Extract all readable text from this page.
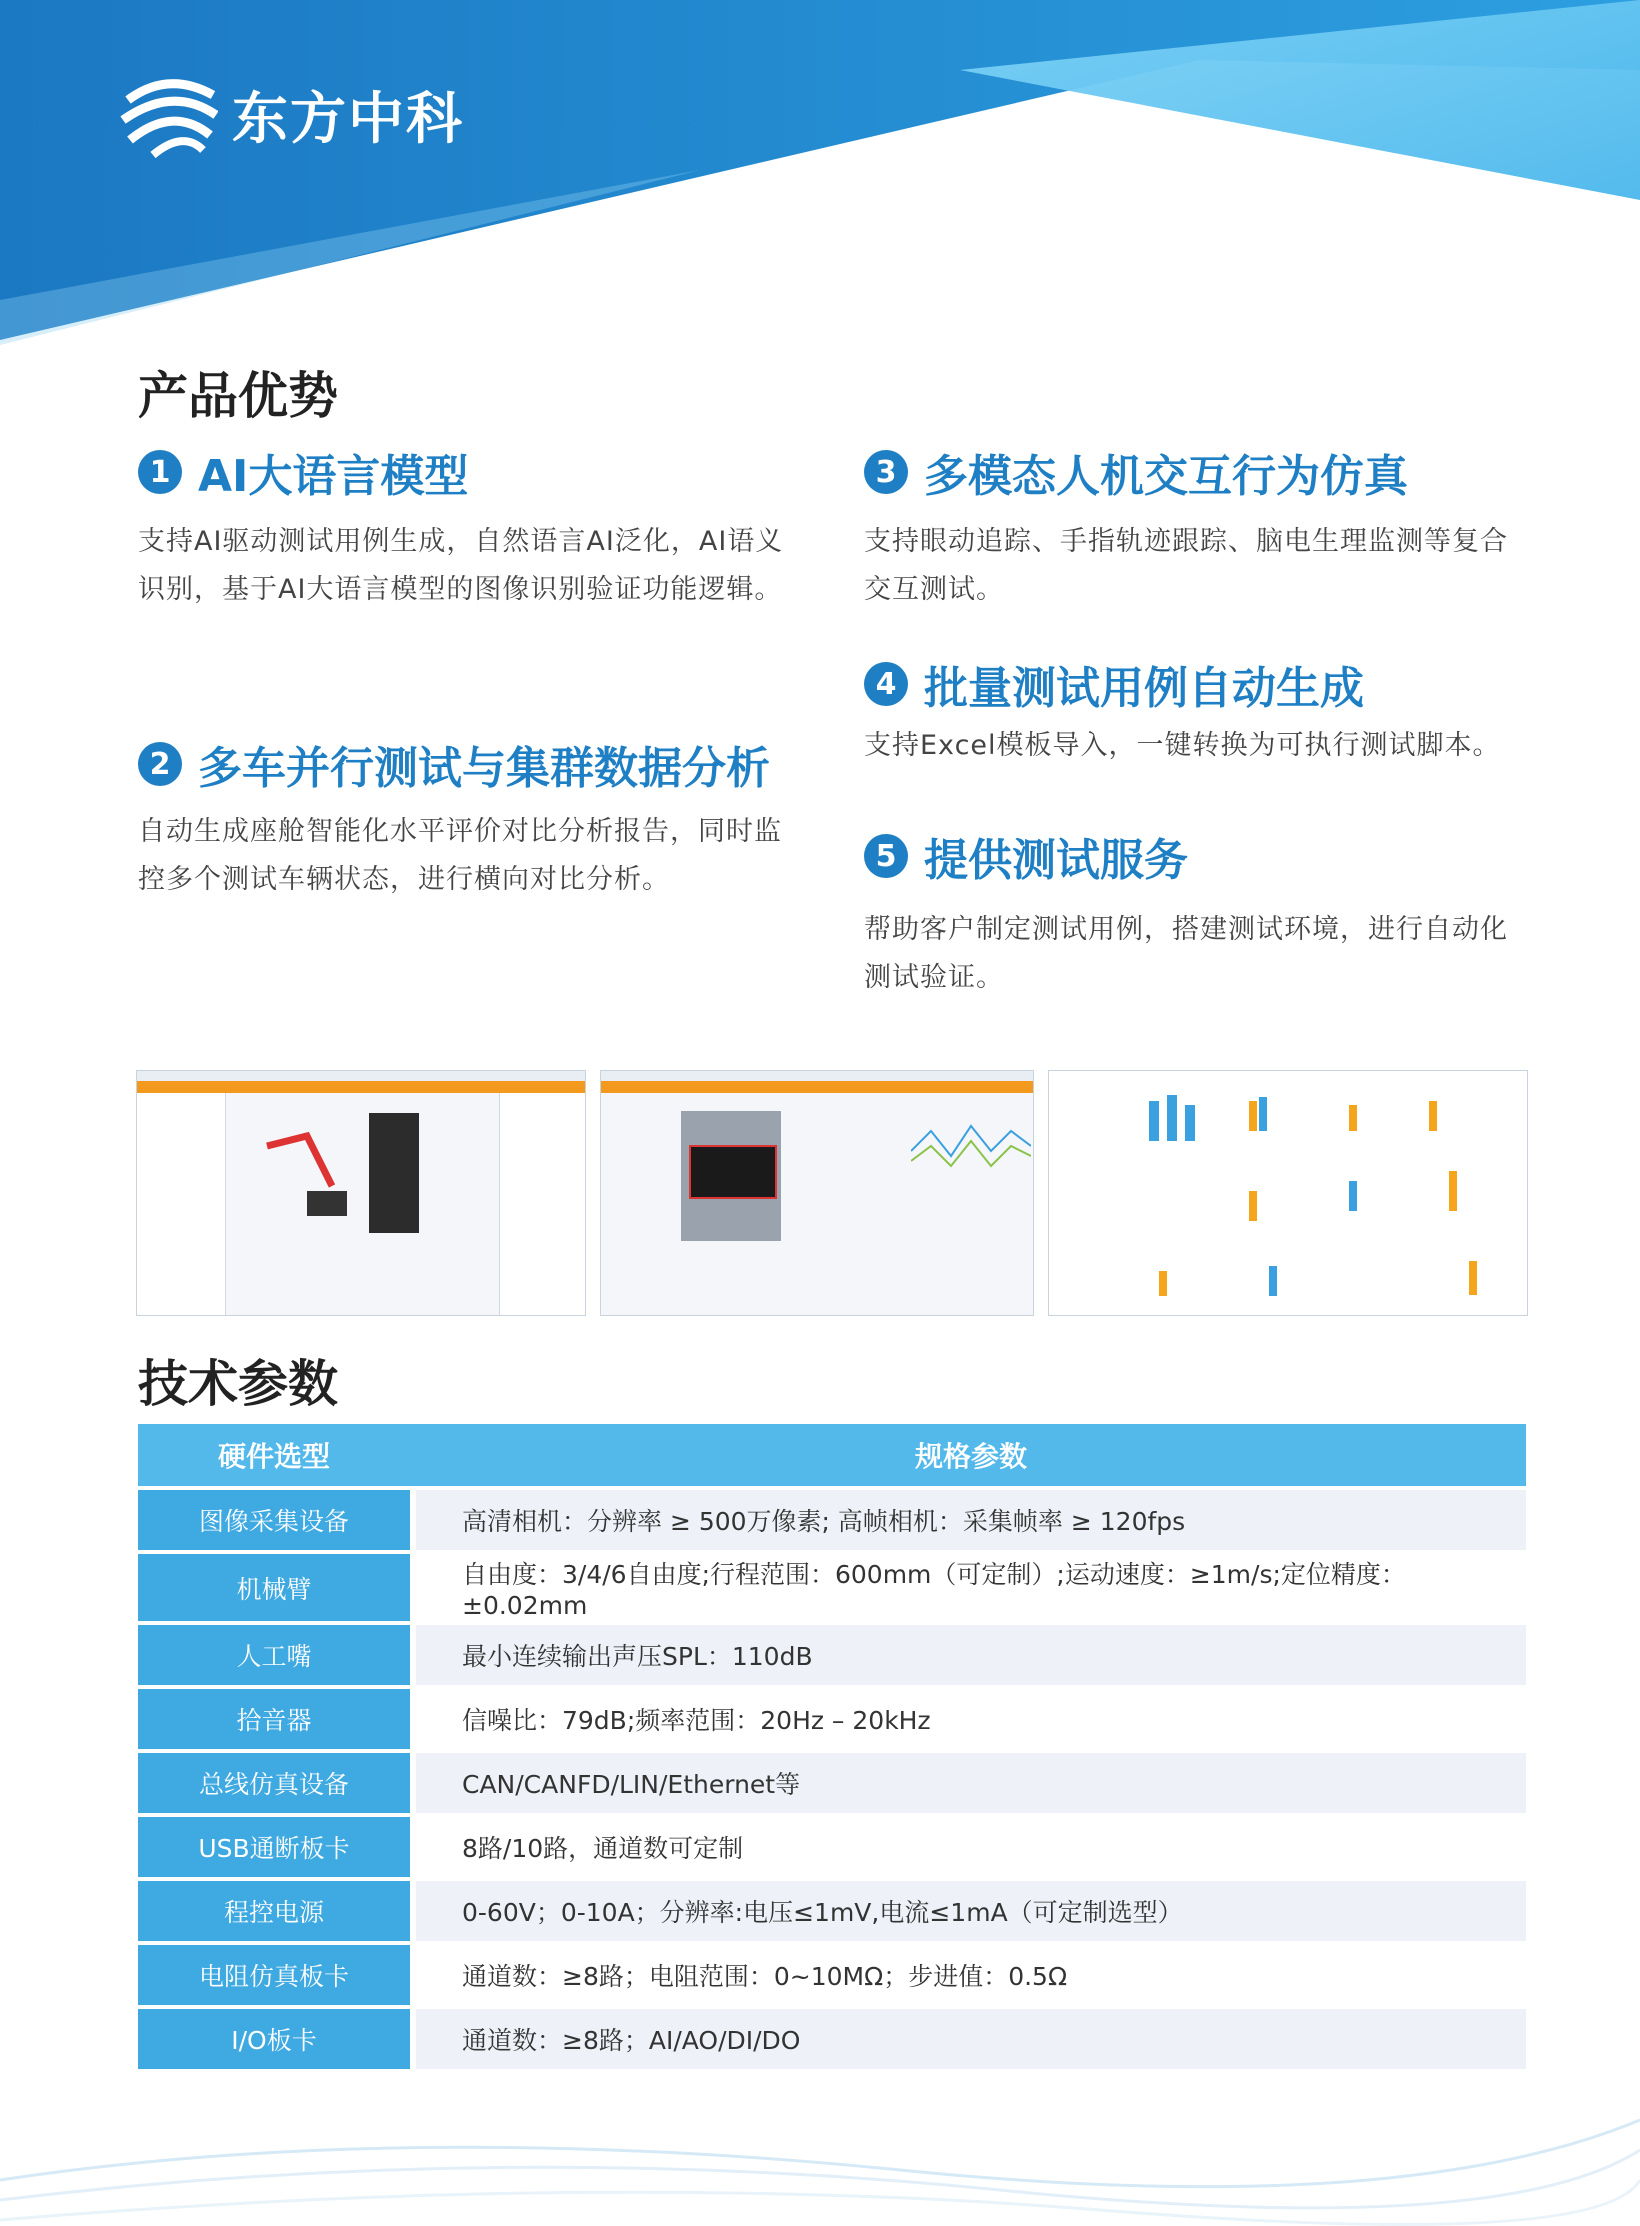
东方中科
产品优势
1 AI大语言模型
支持AI驱动测试用例生成，自然语言AI泛化，AI语义识别，基于AI大语言模型的图像识别验证功能逻辑。
2 多车并行测试与集群数据分析
自动生成座舱智能化水平评价对比分析报告，同时监控多个测试车辆状态，进行横向对比分析。
3 多模态人机交互行为仿真
支持眼动追踪、手指轨迹跟踪、脑电生理监测等复合交互测试。
4 批量测试用例自动生成
支持Excel模板导入，一键转换为可执行测试脚本。
5 提供测试服务
帮助客户制定测试用例，搭建测试环境，进行自动化测试验证。
技术参数
硬件选型		规格参数
图像采集设备		高清相机：分辨率 ≥ 500万像素; 高帧相机：采集帧率 ≥ 120fps
机械臂		自由度：3/4/6自由度;行程范围：600mm（可定制）;运动速度：≥1m/s;定位精度：±0.02mm
人工嘴		最小连续输出声压SPL：110dB
拾音器		信噪比：79dB;频率范围：20Hz – 20kHz
总线仿真设备		CAN/CANFD/LIN/Ethernet等
USB通断板卡		8路/10路，通道数可定制
程控电源		0-60V；0-10A；分辨率:电压≤1mV,电流≤1mA（可定制选型）
电阻仿真板卡		通道数：≥8路；电阻范围：0~10MΩ；步进值：0.5Ω
I/O板卡		通道数：≥8路；AI/AO/DI/DO
